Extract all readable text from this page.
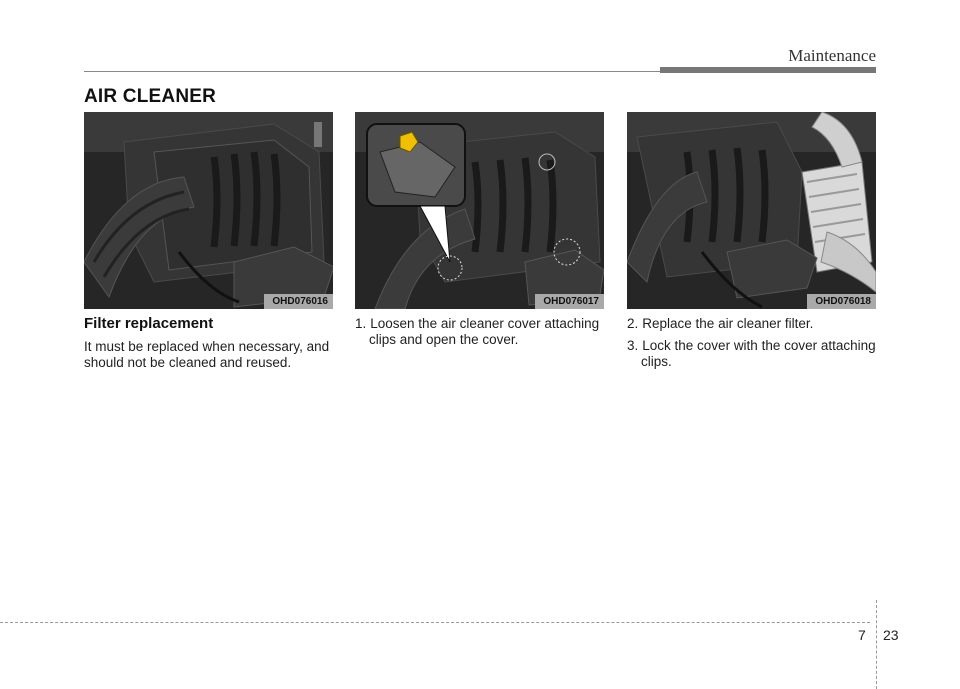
Maintenance
AIR CLEANER
OHD076016	OHD076017	OHD076018

Filter replacement

It must be replaced when necessary, and should not be cleaned and reused.

1. Loosen the air cleaner cover attaching clips and open the cover.

2. Replace the air cleaner filter.

3. Lock the cover with the cover attaching clips.

7 23
